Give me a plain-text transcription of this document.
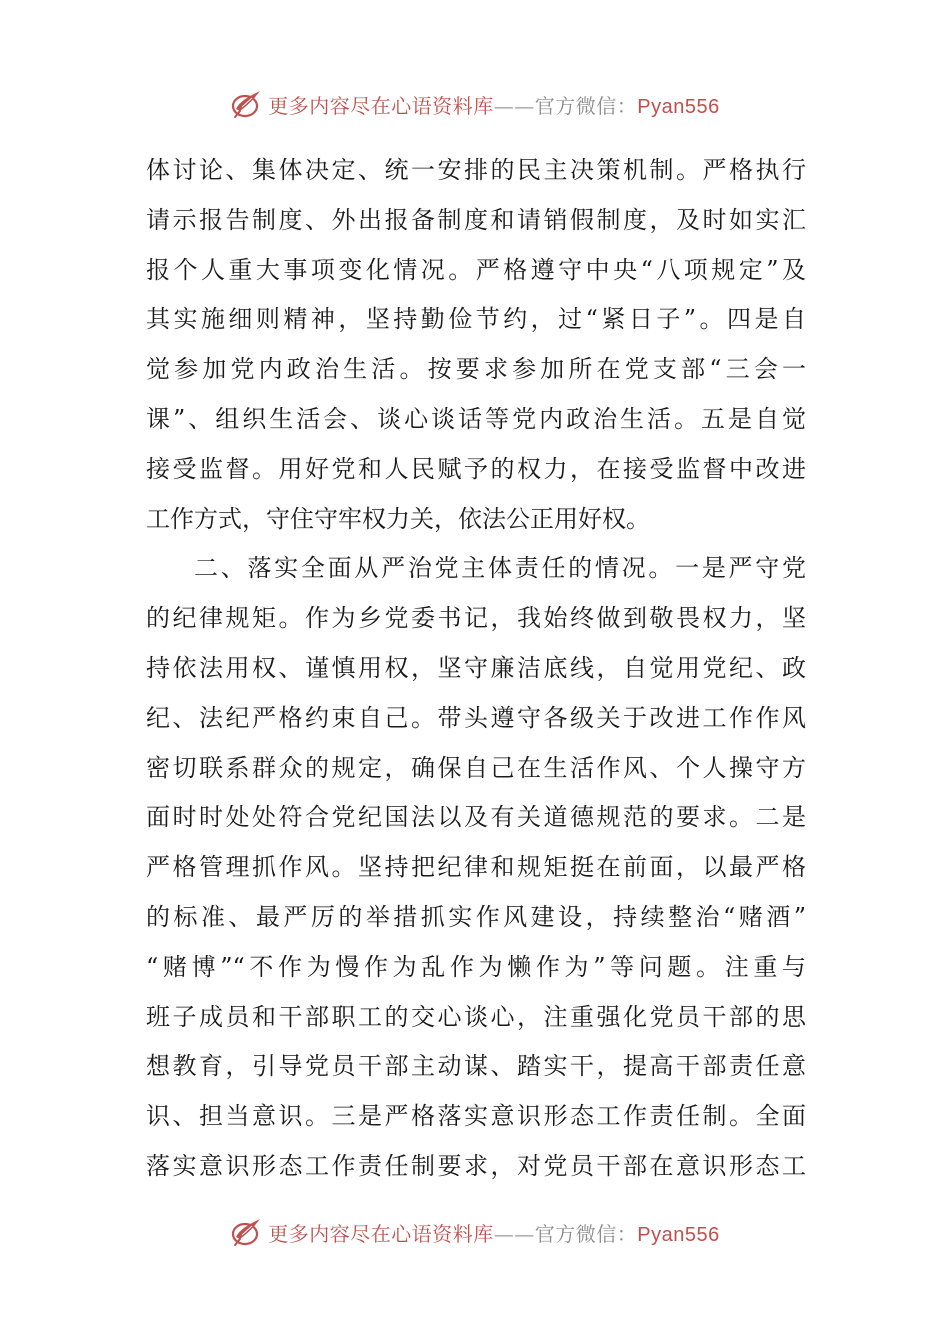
更多内容尽在心语资料库——官方微信：Pyan556
体讨论、集体决定、统一安排的民主决策机制。严格执行
请示报告制度、外出报备制度和请销假制度，及时如实汇
报个人重大事项变化情况。严格遵守中央“八项规定”及
其实施细则精神，坚持勤俭节约，过“紧日子”。四是自
觉参加党内政治生活。按要求参加所在党支部“三会一
课”、组织生活会、谈心谈话等党内政治生活。五是自觉
接受监督。用好党和人民赋予的权力，在接受监督中改进
工作方式，守住守牢权力关，依法公正用好权。
二、落实全面从严治党主体责任的情况。一是严守党
的纪律规矩。作为乡党委书记，我始终做到敬畏权力，坚
持依法用权、谨慎用权，坚守廉洁底线，自觉用党纪、政
纪、法纪严格约束自己。带头遵守各级关于改进工作作风
密切联系群众的规定，确保自己在生活作风、个人操守方
面时时处处符合党纪国法以及有关道德规范的要求。二是
严格管理抓作风。坚持把纪律和规矩挺在前面，以最严格
的标准、最严厉的举措抓实作风建设，持续整治“赌酒”
“赌博”“不作为慢作为乱作为懒作为”等问题。注重与
班子成员和干部职工的交心谈心，注重强化党员干部的思
想教育，引导党员干部主动谋、踏实干，提高干部责任意
识、担当意识。三是严格落实意识形态工作责任制。全面
落实意识形态工作责任制要求，对党员干部在意识形态工
更多内容尽在心语资料库——官方微信：Pyan556
